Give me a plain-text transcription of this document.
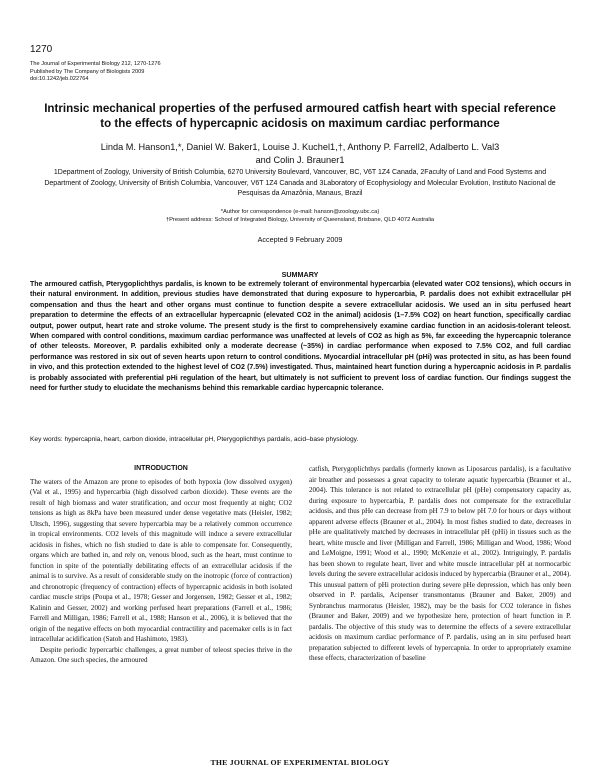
1270
The Journal of Experimental Biology 212, 1270-1276
Published by The Company of Biologists 2009
doi:10.1242/jeb.022764
Intrinsic mechanical properties of the perfused armoured catfish heart with special reference to the effects of hypercapnic acidosis on maximum cardiac performance
Linda M. Hanson1,*, Daniel W. Baker1, Louise J. Kuchel1,†, Anthony P. Farrell2, Adalberto L. Val3
and Colin J. Brauner1
1Department of Zoology, University of British Columbia, 6270 University Boulevard, Vancouver, BC, V6T 1Z4 Canada, 2Faculty of Land and Food Systems and Department of Zoology, University of British Columbia, Vancouver, V6T 1Z4 Canada and 3Laboratory of Ecophysiology and Molecular Evolution, Instituto Nacional de Pesquisas da Amazônia, Manaus, Brazil
*Author for correspondence (e-mail: hanson@zoology.ubc.ca)
†Present address: School of Integrated Biology, University of Queensland, Brisbane, QLD 4072 Australia
Accepted 9 February 2009
SUMMARY
The armoured catfish, Pterygoplichthys pardalis, is known to be extremely tolerant of environmental hypercarbia (elevated water CO2 tensions), which occurs in their natural environment. In addition, previous studies have demonstrated that during exposure to hypercarbia, P. pardalis does not exhibit extracellular pH compensation and thus the heart and other organs must continue to function despite a severe extracellular acidosis. We used an in situ perfused heart preparation to determine the effects of an extracellular hypercapnic (elevated CO2 in the animal) acidosis (1–7.5% CO2) on heart function, specifically cardiac output, power output, heart rate and stroke volume. The present study is the first to comprehensively examine cardiac function in an acidosis-tolerant teleost. When compared with control conditions, maximum cardiac performance was unaffected at levels of CO2 as high as 5%, far exceeding the hypercapnic tolerance of other teleosts. Moreover, P. pardalis exhibited only a moderate decrease (~35%) in cardiac performance when exposed to 7.5% CO2, and full cardiac performance was restored in six out of seven hearts upon return to control conditions. Myocardial intracellular pH (pHi) was protected in situ, as has been found in vivo, and this protection extended to the highest level of CO2 (7.5%) investigated. Thus, maintained heart function during a hypercapnic acidosis in P. pardalis is probably associated with preferential pHi regulation of the heart, but ultimately is not sufficient to prevent loss of cardiac function. Our findings suggest the need for further study to elucidate the mechanisms behind this remarkable cardiac hypercapnic tolerance.
Key words: hypercapnia, heart, carbon dioxide, intracellular pH, Pterygoplichthys pardalis, acid–base physiology.
INTRODUCTION

The waters of the Amazon are prone to episodes of both hypoxia (low dissolved oxygen) (Val et al., 1995) and hypercarbia (high dissolved carbon dioxide). These events are the result of high biomass and water stratification, and occur most frequently at night; CO2 tensions as high as 8kPa have been measured under dense vegetative mats (Heisler, 1982; Ultsch, 1996), suggesting that severe hypercarbia may be a relatively common occurrence in tropical environments. CO2 levels of this magnitude will induce a severe extracellular acidosis in fishes, which no fish studied to date is able to compensate for. Consequently, organs which are bathed in, and rely on, venous blood, such as the heart, must continue to function in spite of the potentially debilitating effects of an extracellular acidosis if the animal is to survive. As a result of considerable study on the inotropic (force of contraction) and chronotropic (frequency of contraction) effects of hypercapnic acidosis in both isolated cardiac muscle strips (Poupa et al., 1978; Gesser and Jorgensen, 1982; Gesser et al., 1982; Kalinin and Gesser, 2002) and working perfused heart preparations (Farrell et al., 1986; Farrell and Milligan, 1986; Farrell et al., 1988; Hanson et al., 2006), it is believed that the origin of the negative effects on both myocardial contractility and pacemaker cells is in fact intracellular acidification (Satoh and Hashimoto, 1983).

Despite periodic hypercarbic challenges, a great number of teleost species thrive in the Amazon. One such species, the armoured

catfish, Pterygoplichthys pardalis (formerly known as Liposarcus pardalis), is a facultative air breather and possesses a great capacity to tolerate aquatic hypercarbia (Brauner et al., 2004). This tolerance is not related to extracellular pH (pHe) compensatory capacity as, during exposure to hypercarbia, P. pardalis does not compensate for the extracellular acidosis, and thus pHe can decrease from pH 7.9 to below pH 7.0 for hours or days without apparent adverse effects (Brauner et al., 2004). In most fishes studied to date, decreases in pHe are qualitatively matched by decreases in intracellular pH (pHi) in tissues such as the heart, white muscle and liver (Milligan and Farrell, 1986; Milligan and Wood, 1986; Wood and LeMoigne, 1991; Wood et al., 1990; McKenzie et al., 2002). Intriguingly, P. pardalis has been shown to regulate heart, liver and white muscle intracellular pH at normocarbic levels during the severe extracellular acidosis induced by hypercarbia (Brauner et al., 2004). This unusual pattern of pHi protection during severe pHe depression, which has only been observed in P. pardalis, Acipenser transmontanus (Brauner and Baker, 2009) and Synbranchus marmoratus (Heisler, 1982), may be the basis for CO2 tolerance in fishes (Brauner and Baker, 2009) and we hypothesize here, protection of heart function in P. pardalis. The objective of this study was to determine the effects of a severe extracellular acidosis on maximum cardiac performance of P. pardalis, using an in situ perfused heart preparation subjected to different levels of hypercapnia. In order to appropriately examine these effects, characterization of baseline

THE JOURNAL OF EXPERIMENTAL BIOLOGY
